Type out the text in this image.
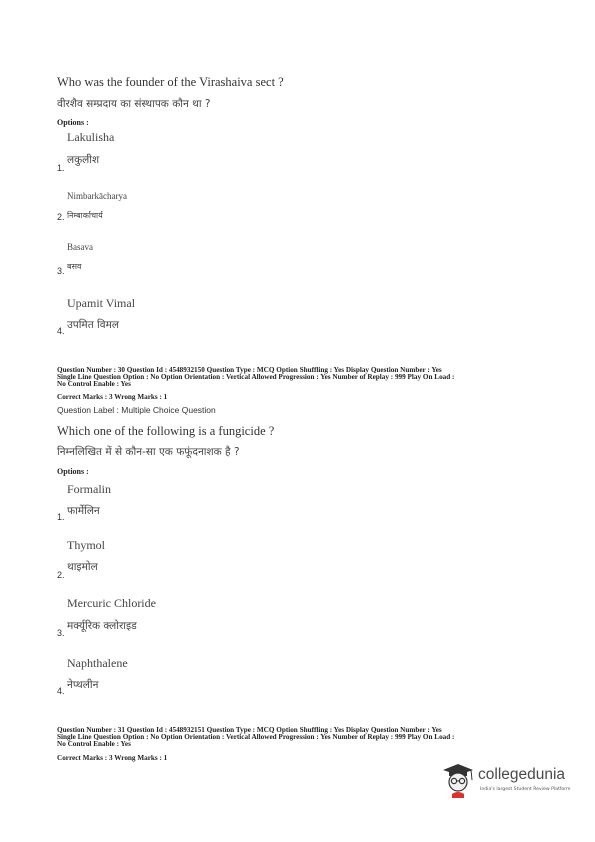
Who was the founder of the Virashaiva sect ?
वीरशैव सम्प्रदाय का संस्थापक कौन था ?
Options :
Lakulisha
1.
लकुलीश
Nimbarkācharya
2. निम्बार्काचार्य
Basava
3. बसव
Upamit Vimal
4. उपमित विमल
Question Number : 30 Question Id : 4548932150 Question Type : MCQ Option Shuffling : Yes Display Question Number : Yes
Single Line Question Option : No Option Orientation : Vertical Allowed Progression : Yes Number of Replay : 999 Play On Load :
No Control Enable : Yes
Correct Marks : 3 Wrong Marks : 1
Question Label : Multiple Choice Question
Which one of the following is a fungicide ?
निम्नलिखित में से कौन-सा एक फफूंदनाशक है ?
Options :
Formalin
1. फार्मेलिन
Thymol
2.
थाइमोल
Mercuric Chloride
3.
मर्क्यूरिक क्लोराइड
Naphthalene
4. नेप्थलीन
Question Number : 31 Question Id : 4548932151 Question Type : MCQ Option Shuffling : Yes Display Question Number : Yes
Single Line Question Option : No Option Orientation : Vertical Allowed Progression : Yes Number of Replay : 999 Play On Load :
No Control Enable : Yes
Correct Marks : 3 Wrong Marks : 1
collegedunia
India's largest Student Review Platform
